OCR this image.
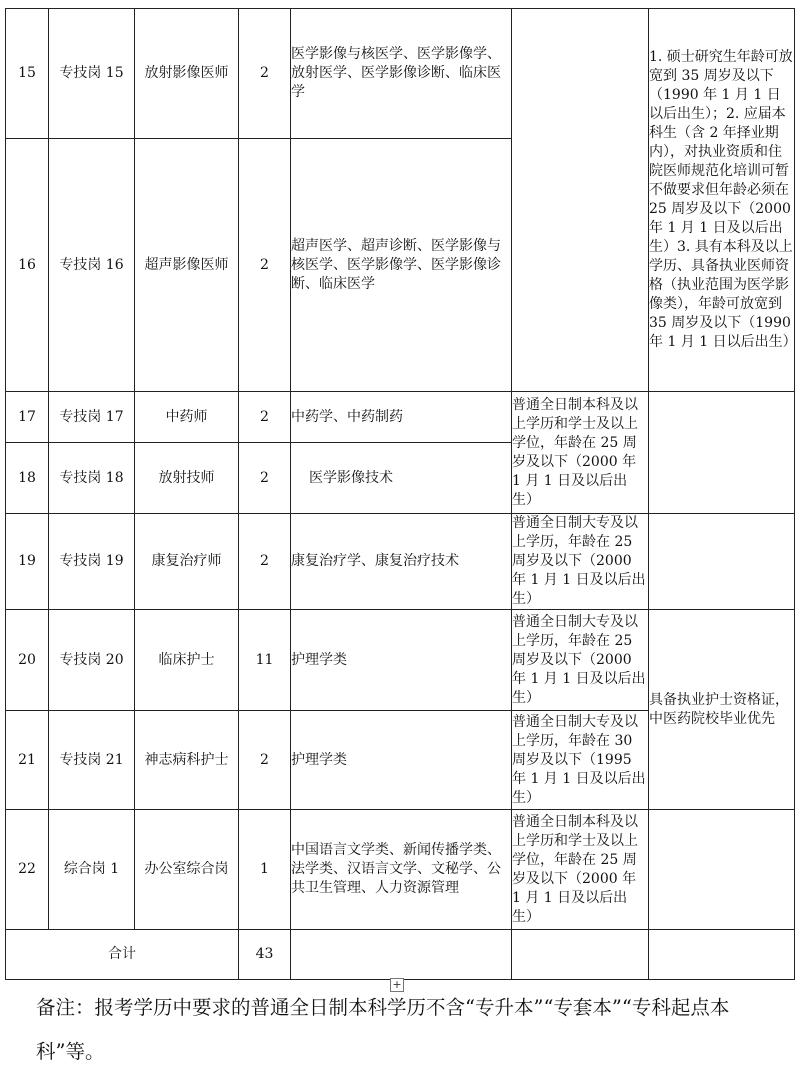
15	专技岗 15	放射影像医师	2	医学影像与核医学、医学影像学、放射医学、医学影像诊断、临床医学		1. 硕士研究生年龄可放宽到 35 周岁及以下（1990 年 1 月 1 日以后出生）；2. 应届本科生（含 2 年择业期内），对执业资质和住院医师规范化培训可暂不做要求但年龄必须在 25 周岁及以下（2000 年 1 月 1 日及以后出生）3. 具有本科及以上学历、具备执业医师资格（执业范围为医学影像类），年龄可放宽到 35 周岁及以下（1990 年 1 月 1 日以后出生）
16	专技岗 16	超声影像医师	2	超声医学、超声诊断、医学影像与核医学、医学影像学、医学影像诊断、临床医学		
17	专技岗 17	中药师	2	中药学、中药制药	普通全日制本科及以上学历和学士及以上学位，年龄在 25 周岁及以下（2000 年 1 月 1 日及以后出生）	
18	专技岗 18	放射技师	2	医学影像技术		
19	专技岗 19	康复治疗师	2	康复治疗学、康复治疗技术	普通全日制大专及以上学历，年龄在 25 周岁及以下（2000 年 1 月 1 日及以后出生）	
20	专技岗 20	临床护士	11	护理学类	普通全日制大专及以上学历，年龄在 25 周岁及以下（2000 年 1 月 1 日及以后出生）	具备执业护士资格证，中医药院校毕业优先
21	专技岗 21	神志病科护士	2	护理学类	普通全日制大专及以上学历，年龄在 30 周岁及以下（1995 年 1 月 1 日及以后出生）	
22	综合岗 1	办公室综合岗	1	中国语言文学类、新闻传播学类、法学类、汉语言文学、文秘学、公共卫生管理、人力资源管理	普通全日制本科及以上学历和学士及以上学位，年龄在 25 周岁及以下（2000 年 1 月 1 日及以后出生）	
合计			43			
+
备注：报考学历中要求的普通全日制本科学历不含“专升本”“专套本”“专科起点本科”等。
